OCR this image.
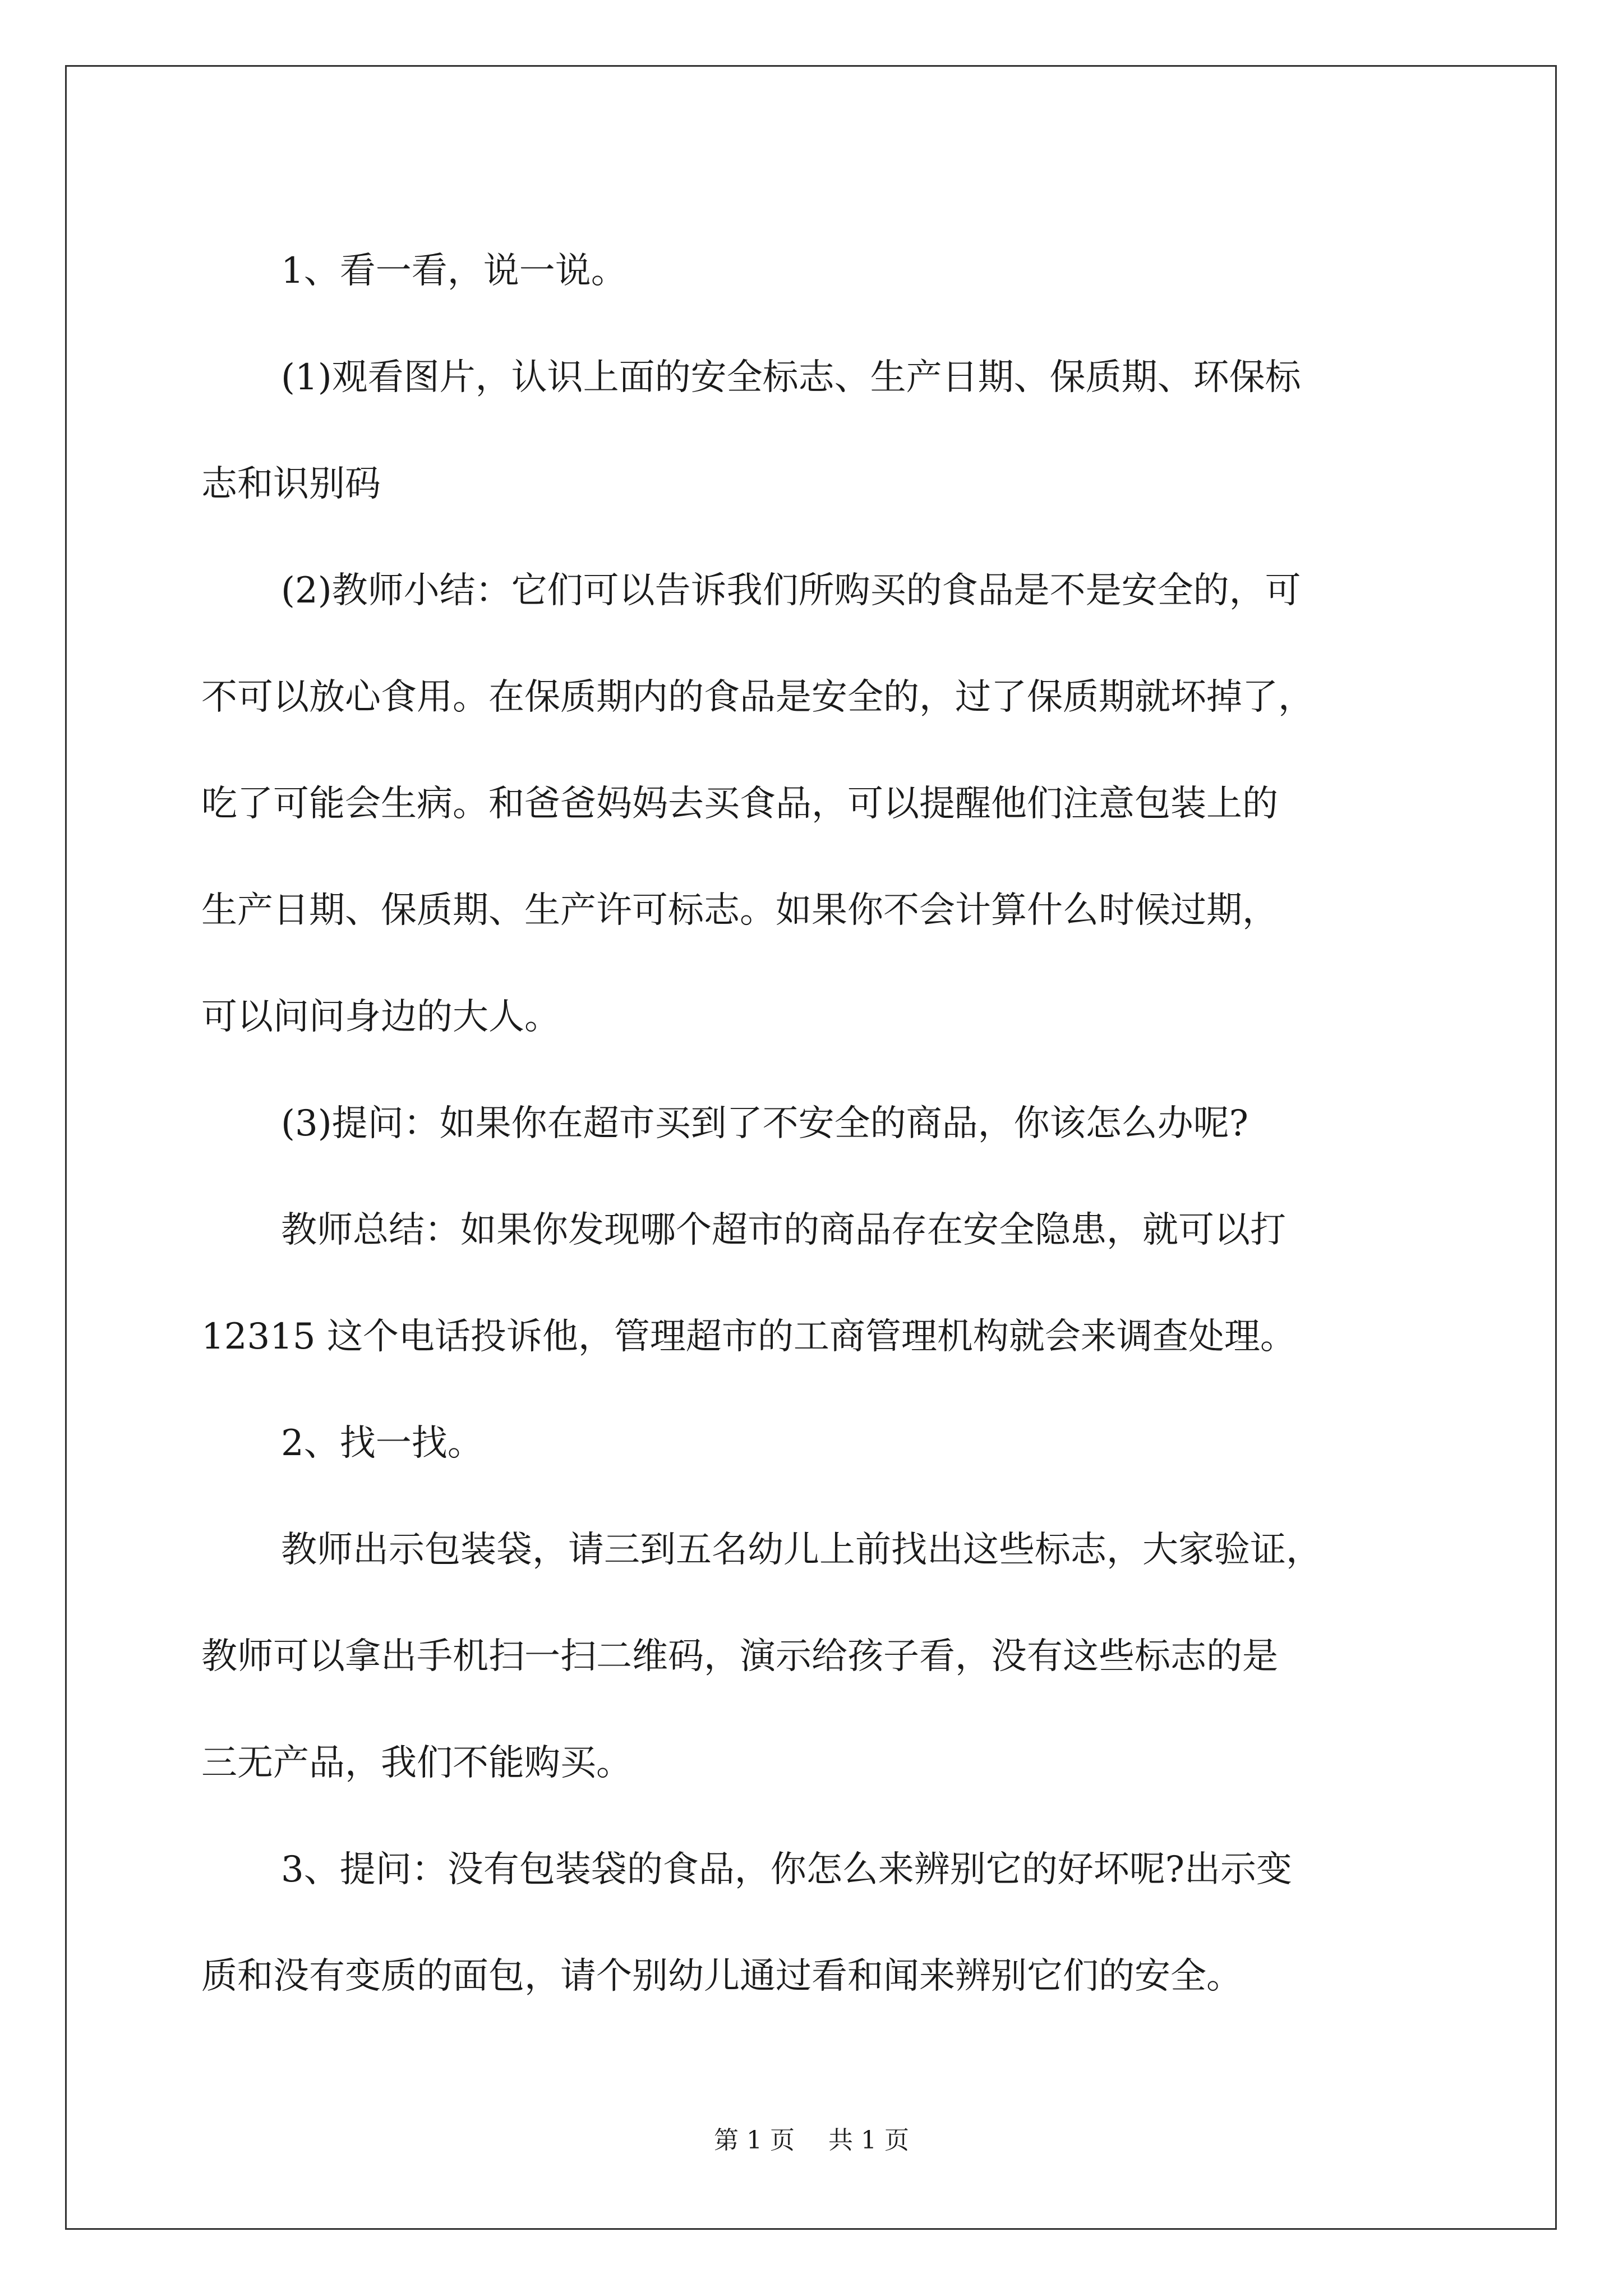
1、看一看，说一说。

(1)观看图片，认识上面的安全标志、生产日期、保质期、环保标
志和识别码

(2)教师小结：它们可以告诉我们所购买的食品是不是安全的，可
不可以放心食用。在保质期内的食品是安全的，过了保质期就坏掉了，
吃了可能会生病。和爸爸妈妈去买食品，可以提醒他们注意包装上的
生产日期、保质期、生产许可标志。如果你不会计算什么时候过期，
可以问问身边的大人。

(3)提问：如果你在超市买到了不安全的商品，你该怎么办呢?

教师总结：如果你发现哪个超市的商品存在安全隐患，就可以打
12315 这个电话投诉他，管理超市的工商管理机构就会来调查处理。

2、找一找。

教师出示包装袋，请三到五名幼儿上前找出这些标志，大家验证，
教师可以拿出手机扫一扫二维码，演示给孩子看，没有这些标志的是
三无产品，我们不能购买。

3、提问：没有包装袋的食品，你怎么来辨别它的好坏呢?出示变
质和没有变质的面包，请个别幼儿通过看和闻来辨别它们的安全。

第 1 页 共 1 页
